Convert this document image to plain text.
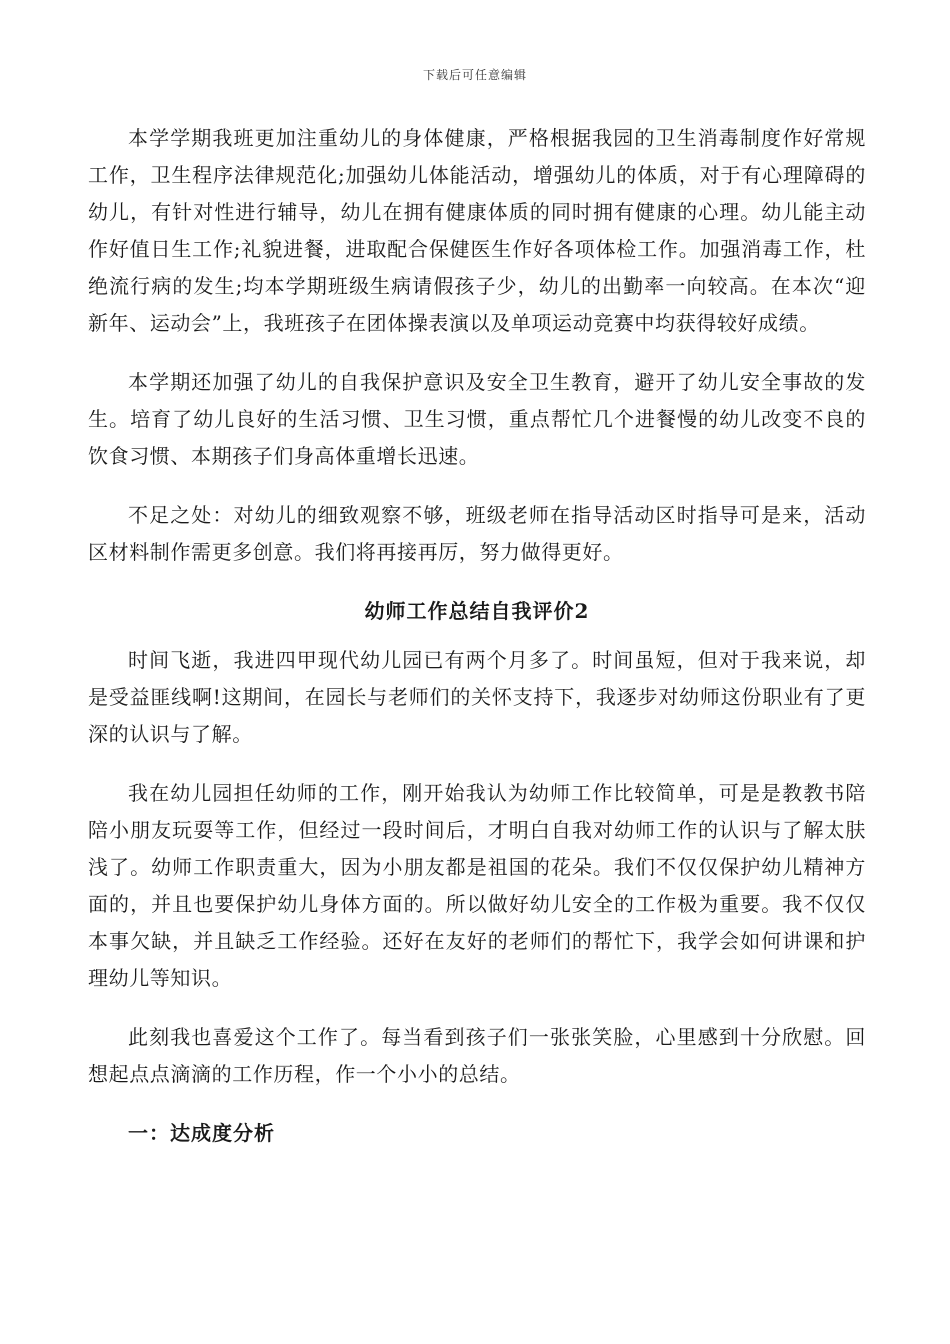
下载后可任意编辑

本学学期我班更加注重幼儿的身体健康，严格根据我园的卫生消毒制度作好常规工作，卫生程序法律规范化;加强幼儿体能活动，增强幼儿的体质，对于有心理障碍的幼儿，有针对性进行辅导，幼儿在拥有健康体质的同时拥有健康的心理。幼儿能主动作好值日生工作;礼貌进餐，进取配合保健医生作好各项体检工作。加强消毒工作，杜绝流行病的发生;均本学期班级生病请假孩子少，幼儿的出勤率一向较高。在本次“迎新年、运动会”上，我班孩子在团体操表演以及单项运动竞赛中均获得较好成绩。

本学期还加强了幼儿的自我保护意识及安全卫生教育，避开了幼儿安全事故的发生。培育了幼儿良好的生活习惯、卫生习惯，重点帮忙几个进餐慢的幼儿改变不良的饮食习惯、本期孩子们身高体重增长迅速。

不足之处：对幼儿的细致观察不够，班级老师在指导活动区时指导可是来，活动区材料制作需更多创意。我们将再接再厉，努力做得更好。

幼师工作总结自我评价2

时间飞逝，我进四甲现代幼儿园已有两个月多了。时间虽短，但对于我来说，却是受益匪线啊!这期间，在园长与老师们的关怀支持下，我逐步对幼师这份职业有了更深的认识与了解。

我在幼儿园担任幼师的工作，刚开始我认为幼师工作比较简单，可是是教教书陪陪小朋友玩耍等工作，但经过一段时间后，才明白自我对幼师工作的认识与了解太肤浅了。幼师工作职责重大，因为小朋友都是祖国的花朵。我们不仅仅保护幼儿精神方面的，并且也要保护幼儿身体方面的。所以做好幼儿安全的工作极为重要。我不仅仅本事欠缺，并且缺乏工作经验。还好在友好的老师们的帮忙下，我学会如何讲课和护理幼儿等知识。

此刻我也喜爱这个工作了。每当看到孩子们一张张笑脸，心里感到十分欣慰。回想起点点滴滴的工作历程，作一个小小的总结。

一：达成度分析
